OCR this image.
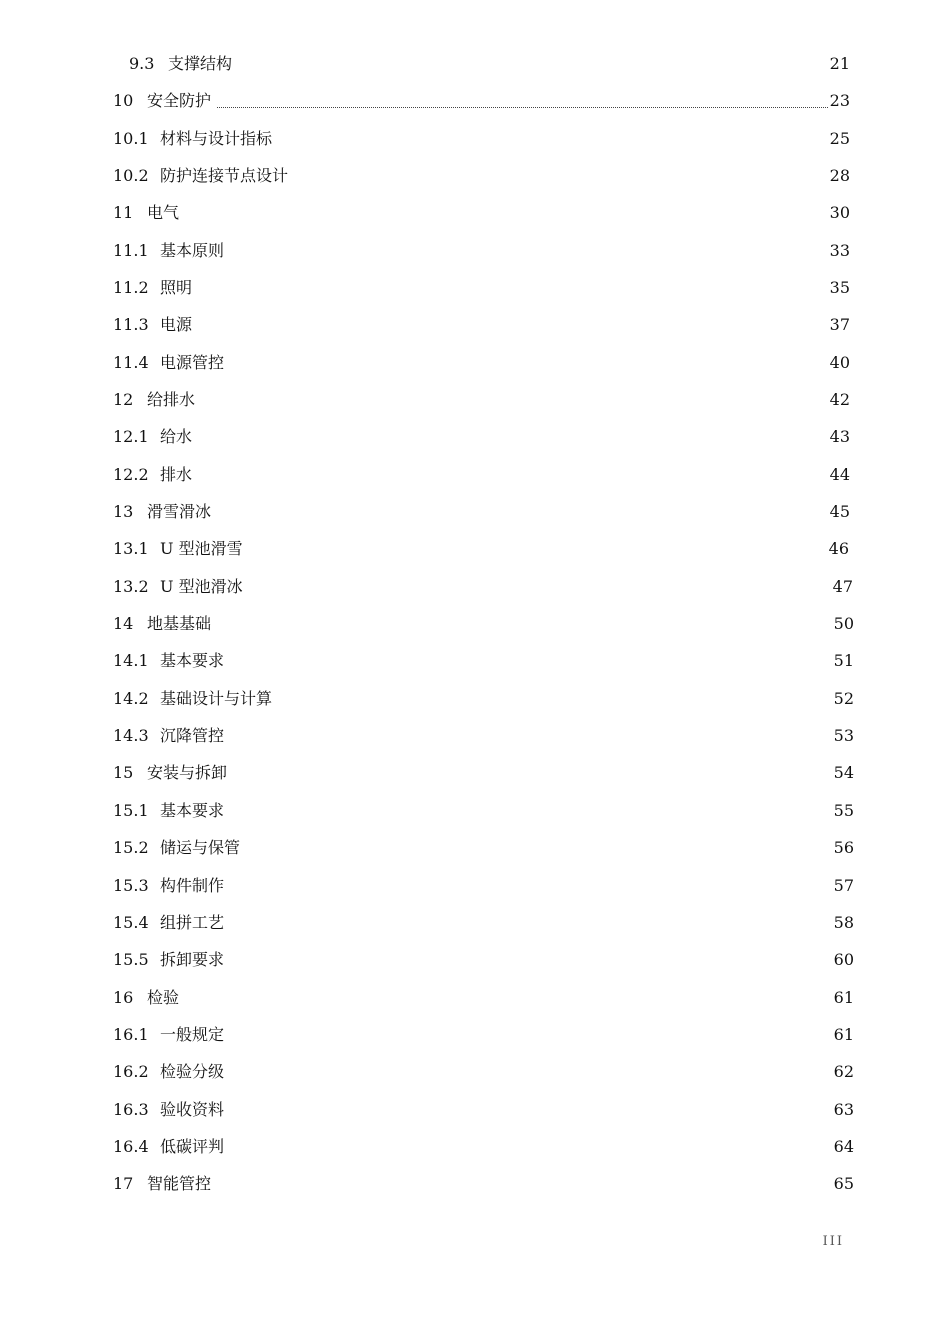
9.3 支撑结构	21
10 安全防护	23
10.1 材料与设计指标	25
10.2 防护连接节点设计	28
11 电气	30
11.1 基本原则	33
11.2 照明	35
11.3 电源	37
11.4 电源管控	40
12 给排水	42
12.1 给水	43
12.2 排水	44
13 滑雪滑冰	45
13.1 U 型池滑雪	46
13.2 U 型池滑冰	47
14 地基基础	50
14.1 基本要求	51
14.2 基础设计与计算	52
14.3 沉降管控	53
15 安装与拆卸	54
15.1 基本要求	55
15.2 储运与保管	56
15.3 构件制作	57
15.4 组拼工艺	58
15.5 拆卸要求	60
16 检验	61
16.1 一般规定	61
16.2 检验分级	62
16.3 验收资料	63
16.4 低碳评判	64
17 智能管控	65
III
